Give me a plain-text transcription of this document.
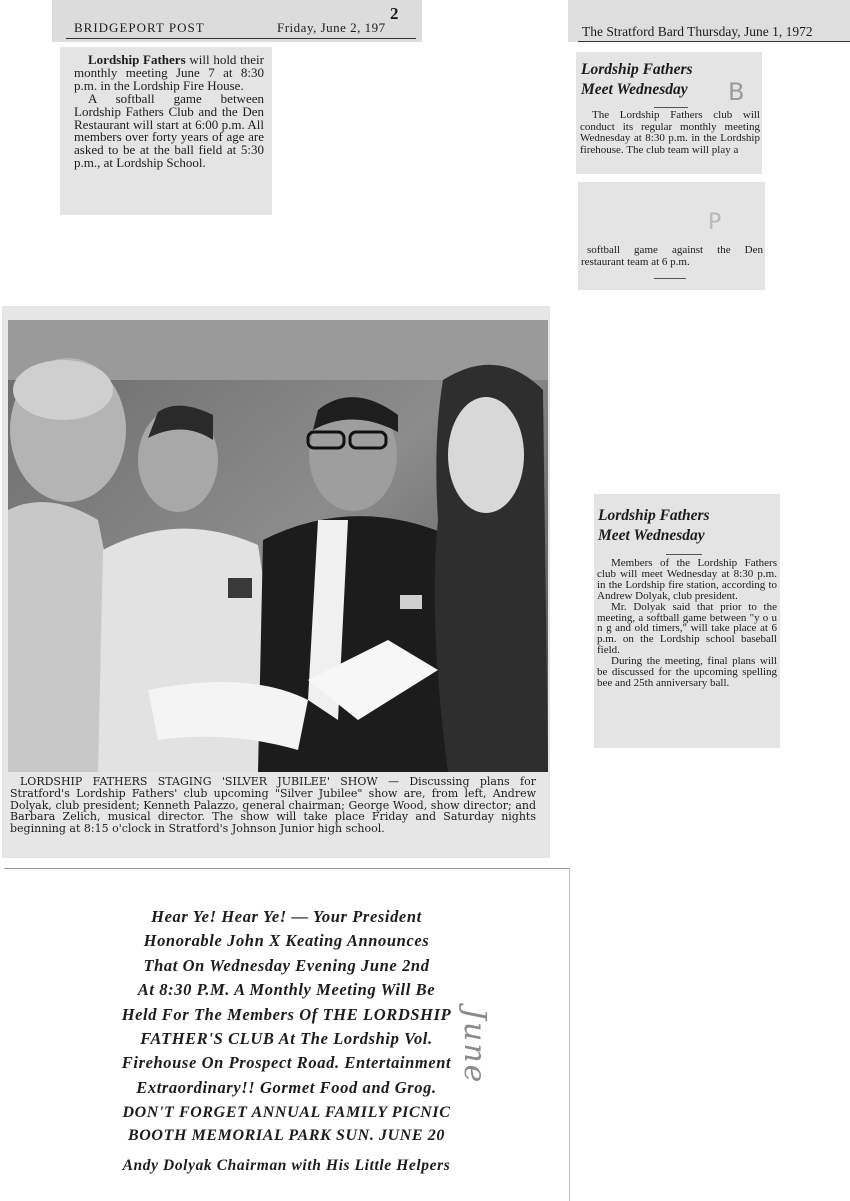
BRIDGEPORT POST	Friday, June 2, 197
2
Lordship Fathers will hold their monthly meeting June 7 at 8:30 p.m. in the Lordship Fire House.
A softball game between Lordship Fathers Club and the Den Restaurant will start at 6:00 p.m. All members over forty years of age are asked to be at the ball field at 5:30 p.m., at Lordship School.
The Stratford Bard Thursday, June 1, 1972
Lordship Fathers
Meet Wednesday B
The Lordship Fathers club will conduct its regular monthly meeting Wednesday at 8:30 p.m. in the Lordship firehouse. The club team will play a
P
softball game against the Den restaurant team at 6 p.m.
LORDSHIP FATHERS STAGING 'SILVER JUBILEE' SHOW — Discussing plans for Stratford's Lordship Fathers' club upcoming "Silver Jubilee" show are, from left, Andrew Dolyak, club president; Kenneth Palazzo, general chairman; George Wood, show director; and Barbara Zelich, musical director. The show will take place Friday and Saturday nights beginning at 8:15 o'clock in Stratford's Johnson Junior high school.
Lordship Fathers
Meet Wednesday
Members of the Lordship Fathers club will meet Wednesday at 8:30 p.m. in the Lordship fire station, according to Andrew Dolyak, club president.
Mr. Dolyak said that prior to the meeting, a softball game between "y o u n g and old timers," will take place at 6 p.m. on the Lordship school baseball field.
During the meeting, final plans will be discussed for the upcoming spelling bee and 25th anniversary ball.
Hear Ye! Hear Ye! — Your President
Honorable John X Keating Announces
That On Wednesday Evening June 2nd
At 8:30 P.M. A Monthly Meeting Will Be
Held For The Members Of THE LORDSHIP
FATHER'S CLUB At The Lordship Vol.
Firehouse On Prospect Road. Entertainment
Extraordinary!! Gormet Food and Grog.
DON'T FORGET ANNUAL FAMILY PICNIC
BOOTH MEMORIAL PARK SUN. JUNE 20
Andy Dolyak Chairman with His Little Helpers
